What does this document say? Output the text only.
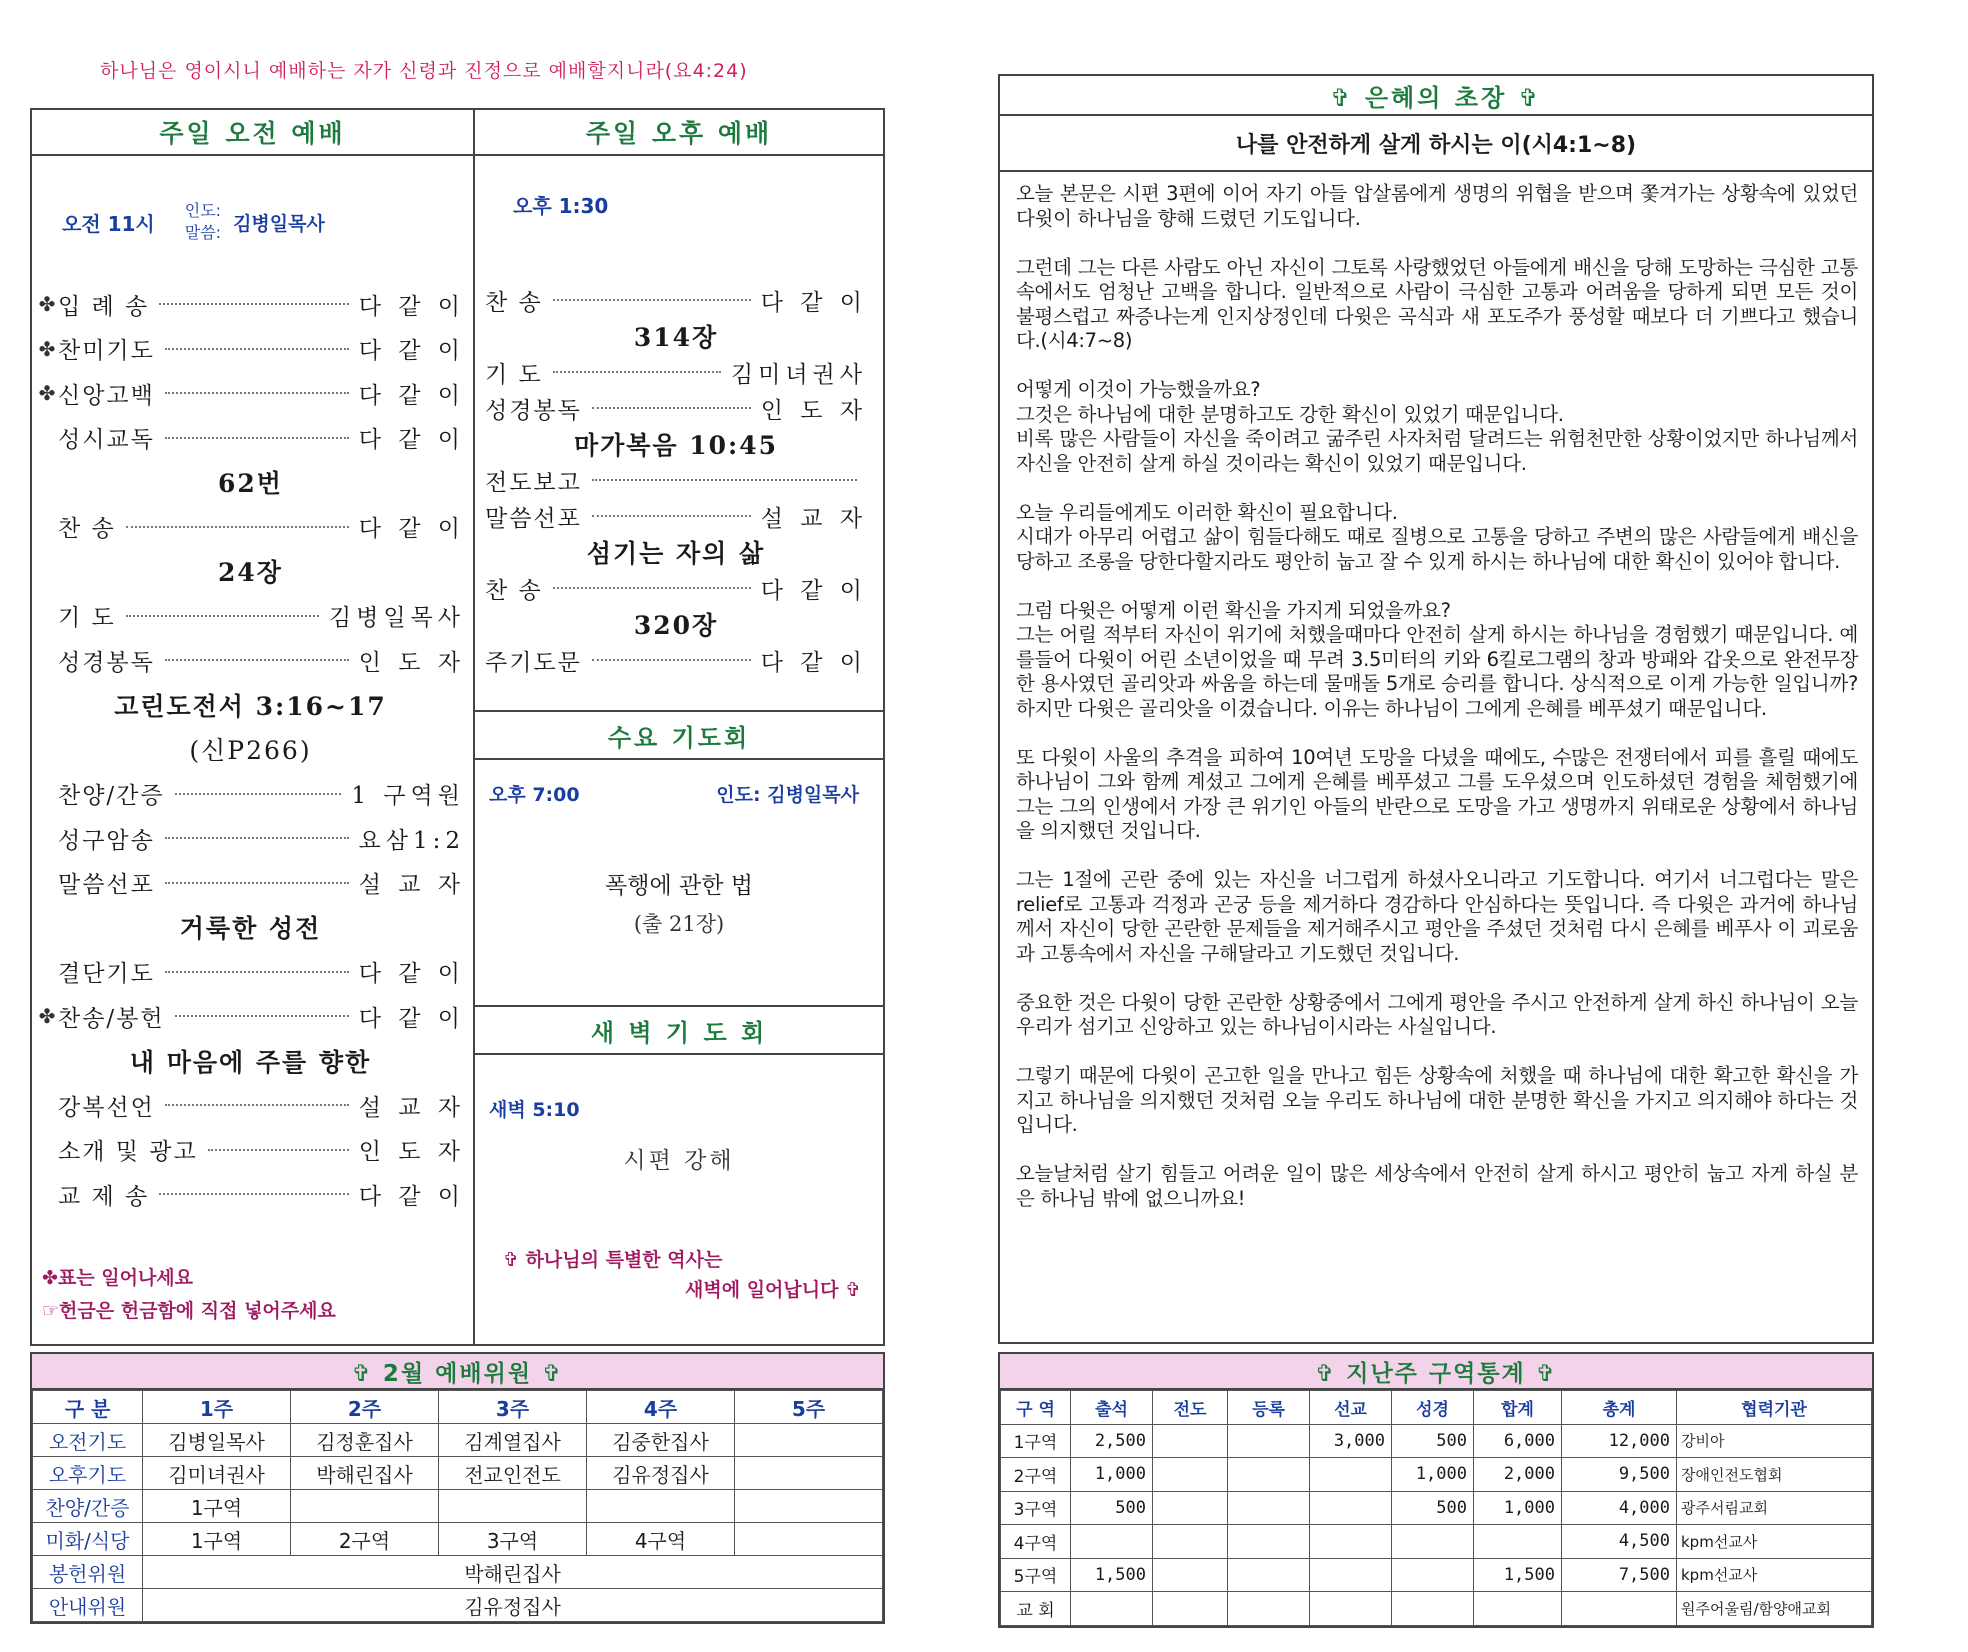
하나님은 영이시니 예배하는 자가 신령과 진정으로 예배할지니라(요4:24)
주일 오전 예배
오전 11시
인도:
말씀: 김병일목사
✤ 입 례 송	다 같 이
✤ 찬미기도	다 같 이
✤ 신앙고백	다 같 이
성시교독	다 같 이
62번
찬 송	다 같 이
24장
기 도	김병일목사
성경봉독	인 도 자
고린도전서 3:16~17
(신P266)
찬양/간증	1 구역원
성구암송	요삼1:2
말씀선포	설 교 자
거룩한 성전
결단기도	다 같 이
✤ 찬송/봉헌	다 같 이
내 마음에 주를 향한
강복선언	설 교 자
소개 및 광고	인 도 자
교 제 송	다 같 이
✤표는 일어나세요
☞헌금은 헌금함에 직접 넣어주세요
주일 오후 예배
오후 1:30
찬 송	다 같 이
314장
기 도	김미녀권사
성경봉독	인 도 자
마가복음 10:45
전도보고
말씀선포	설 교 자
섬기는 자의 삶
찬 송	다 같 이
320장
주기도문	다 같 이
수요 기도회
오후 7:00	인도: 김병일목사
폭행에 관한 법
(출 21장)
새 벽 기 도 회
새벽 5:10
시편 강해
✞ 하나님의 특별한 역사는
새벽에 일어납니다 ✞
✞ 2월 예배위원 ✞
구 분	1주	2주	3주	4주	5주
오전기도	김병일목사	김정훈집사	김계열집사	김중한집사	
오후기도	김미녀권사	박해린집사	전교인전도	김유정집사	
찬양/간증	1구역				
미화/식당	1구역	2구역	3구역	4구역	
봉헌위원	박해린집사				
안내위원	김유정집사				
✞ 은혜의 초장 ✞
나를 안전하게 살게 하시는 이(시4:1~8)

오늘 본문은 시편 3편에 이어 자기 아들 압살롬에게 생명의 위협을 받으며 쫓겨가는 상황속에 있었던 다윗이 하나님을 향해 드렸던 기도입니다.

그런데 그는 다른 사람도 아닌 자신이 그토록 사랑했었던 아들에게 배신을 당해 도망하는 극심한 고통속에서도 엄청난 고백을 합니다. 일반적으로 사람이 극심한 고통과 어려움을 당하게 되면 모든 것이 불평스럽고 짜증나는게 인지상정인데 다윗은 곡식과 새 포도주가 풍성할 때보다 더 기쁘다고 했습니다.(시4:7~8)

어떻게 이것이 가능했을까요?
그것은 하나님에 대한 분명하고도 강한 확신이 있었기 때문입니다.
비록 많은 사람들이 자신을 죽이려고 굶주린 사자처럼 달려드는 위험천만한 상황이었지만 하나님께서 자신을 안전히 살게 하실 것이라는 확신이 있었기 때문입니다.

오늘 우리들에게도 이러한 확신이 필요합니다.
시대가 아무리 어렵고 삶이 힘들다해도 때로 질병으로 고통을 당하고 주변의 많은 사람들에게 배신을 당하고 조롱을 당한다할지라도 평안히 눕고 잘 수 있게 하시는 하나님에 대한 확신이 있어야 합니다.

그럼 다윗은 어떻게 이런 확신을 가지게 되었을까요?
그는 어릴 적부터 자신이 위기에 처했을때마다 안전히 살게 하시는 하나님을 경험했기 때문입니다. 예를들어 다윗이 어린 소년이었을 때 무려 3.5미터의 키와 6킬로그램의 창과 방패와 갑옷으로 완전무장한 용사였던 골리앗과 싸움을 하는데 물매돌 5개로 승리를 합니다. 상식적으로 이게 가능한 일입니까? 하지만 다윗은 골리앗을 이겼습니다. 이유는 하나님이 그에게 은혜를 베푸셨기 때문입니다.

또 다윗이 사울의 추격을 피하여 10여년 도망을 다녔을 때에도, 수많은 전쟁터에서 피를 흘릴 때에도 하나님이 그와 함께 계셨고 그에게 은혜를 베푸셨고 그를 도우셨으며 인도하셨던 경험을 체험했기에 그는 그의 인생에서 가장 큰 위기인 아들의 반란으로 도망을 가고 생명까지 위태로운 상황에서 하나님을 의지했던 것입니다.

그는 1절에 곤란 중에 있는 자신을 너그럽게 하셨사오니라고 기도합니다. 여기서 너그럽다는 말은 relief로 고통과 걱정과 곤궁 등을 제거하다 경감하다 안심하다는 뜻입니다. 즉 다윗은 과거에 하나님께서 자신이 당한 곤란한 문제들을 제거해주시고 평안을 주셨던 것처럼 다시 은혜를 베푸사 이 괴로움과 고통속에서 자신을 구해달라고 기도했던 것입니다.

중요한 것은 다윗이 당한 곤란한 상황중에서 그에게 평안을 주시고 안전하게 살게 하신 하나님이 오늘 우리가 섬기고 신앙하고 있는 하나님이시라는 사실입니다.

그렇기 때문에 다윗이 곤고한 일을 만나고 힘든 상황속에 처했을 때 하나님에 대한 확고한 확신을 가지고 하나님을 의지했던 것처럼 오늘 우리도 하나님에 대한 분명한 확신을 가지고 의지해야 하다는 것입니다.

오늘날처럼 살기 힘들고 어려운 일이 많은 세상속에서 안전히 살게 하시고 평안히 눕고 자게 하실 분은 하나님 밖에 없으니까요!

✞ 지난주 구역통계 ✞
구 역	출석	전도	등록	선교	성경	합계	총계	협력기관
1구역	2,500			3,000	500	6,000	12,000	강비아
2구역	1,000				1,000	2,000	9,500	장애인전도협회
3구역	500				500	1,000	4,000	광주서림교회
4구역							4,500	kpm선교사
5구역	1,500					1,500	7,500	kpm선교사
교 회								원주어울림/함양애교회
